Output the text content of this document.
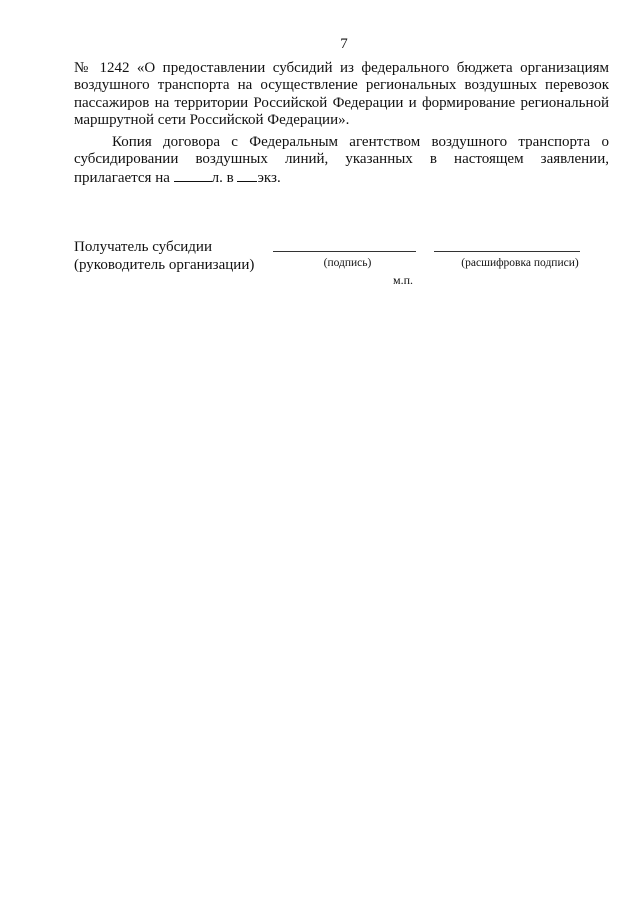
7
№ 1242 «О предоставлении субсидий из федерального бюджета организациям
воздушного транспорта на осуществление региональных воздушных перевозок
пассажиров на территории Российской Федерации и формирование региональной
маршрутной сети Российской Федерации».
Копия договора с Федеральным агентством воздушного транспорта о
субсидировании воздушных линий, указанных в настоящем заявлении,
прилагается на	л. в экз.
Получатель субсидии
(руководитель организации)	(подпись)	(расшифровка подписи)
м.п.
